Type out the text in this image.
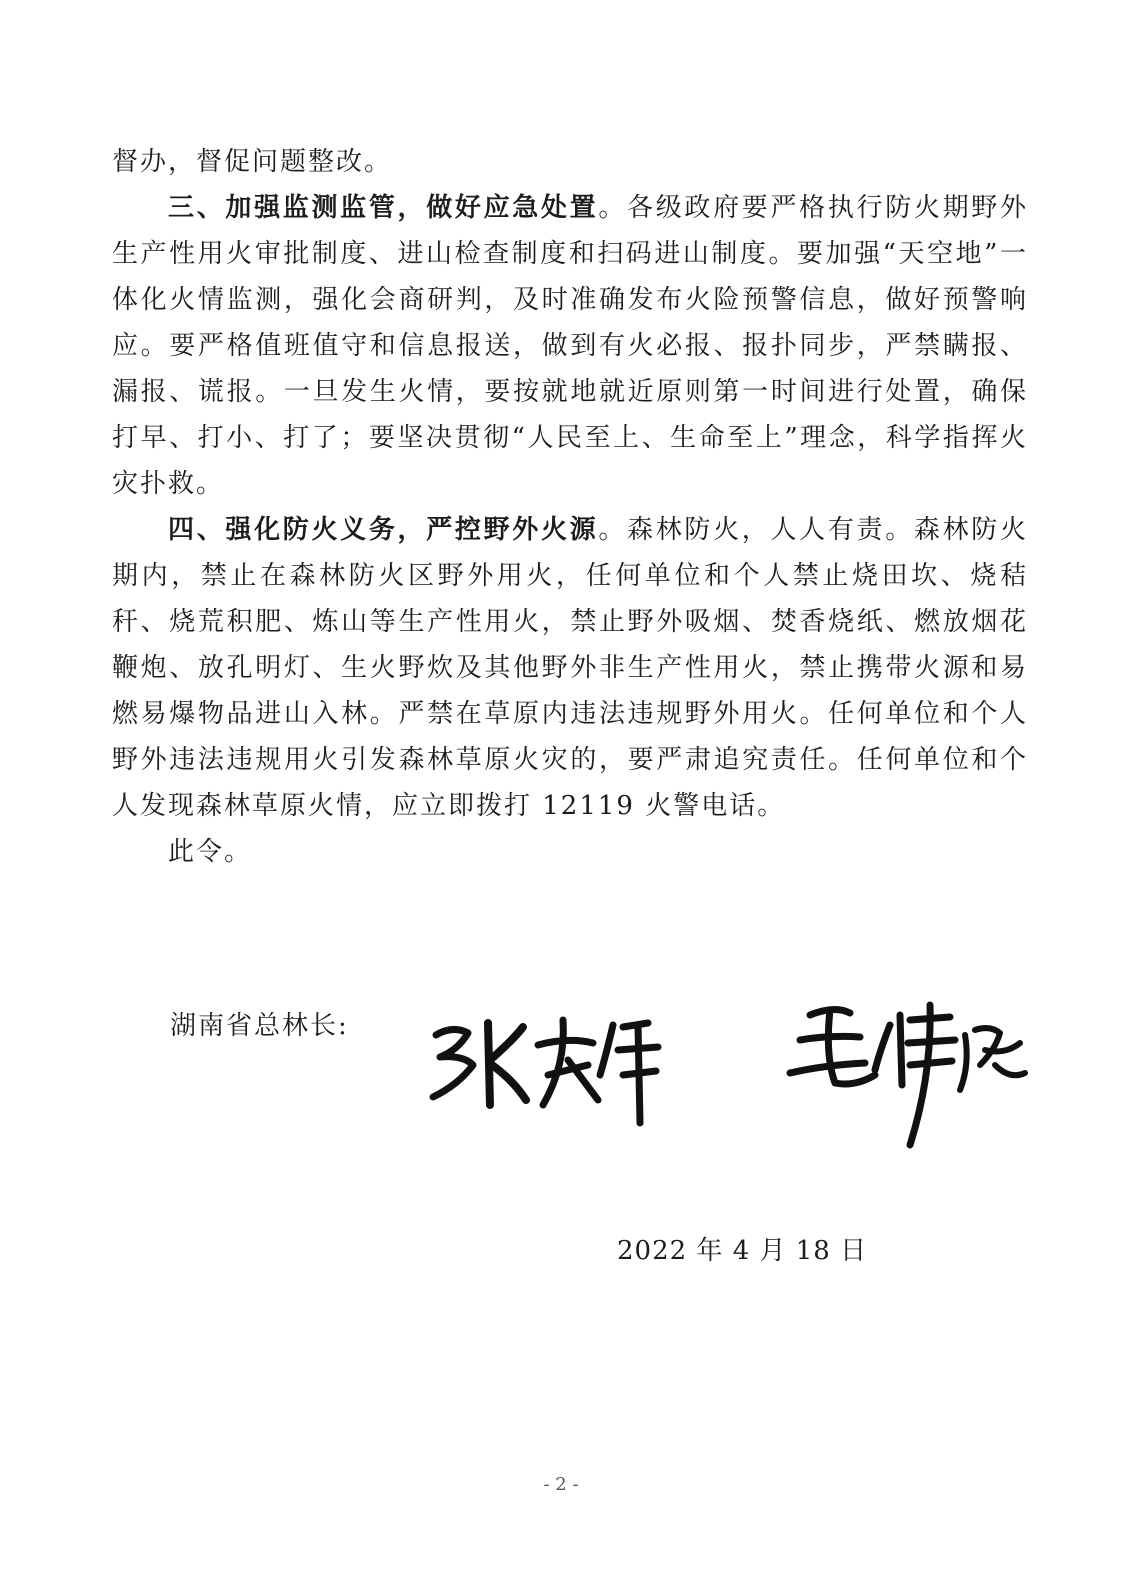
督办，督促问题整改。

三、加强监测监管，做好应急处置。各级政府要严格执行防火期野外生产性用火审批制度、进山检查制度和扫码进山制度。要加强“天空地”一体化火情监测，强化会商研判，及时准确发布火险预警信息，做好预警响应。要严格值班值守和信息报送，做到有火必报、报扑同步，严禁瞒报、漏报、谎报。一旦发生火情，要按就地就近原则第一时间进行处置，确保打早、打小、打了；要坚决贯彻“人民至上、生命至上”理念，科学指挥火灾扑救。

四、强化防火义务，严控野外火源。森林防火，人人有责。森林防火期内，禁止在森林防火区野外用火，任何单位和个人禁止烧田坎、烧秸秆、烧荒积肥、炼山等生产性用火，禁止野外吸烟、焚香烧纸、燃放烟花鞭炮、放孔明灯、生火野炊及其他野外非生产性用火，禁止携带火源和易燃易爆物品进山入林。严禁在草原内违法违规野外用火。任何单位和个人野外违法违规用火引发森林草原火灾的，要严肃追究责任。任何单位和个人发现森林草原火情，应立即拨打 12119 火警电话。

此令。

湖南省总林长:
2022 年 4 月 18 日
- 2 -
